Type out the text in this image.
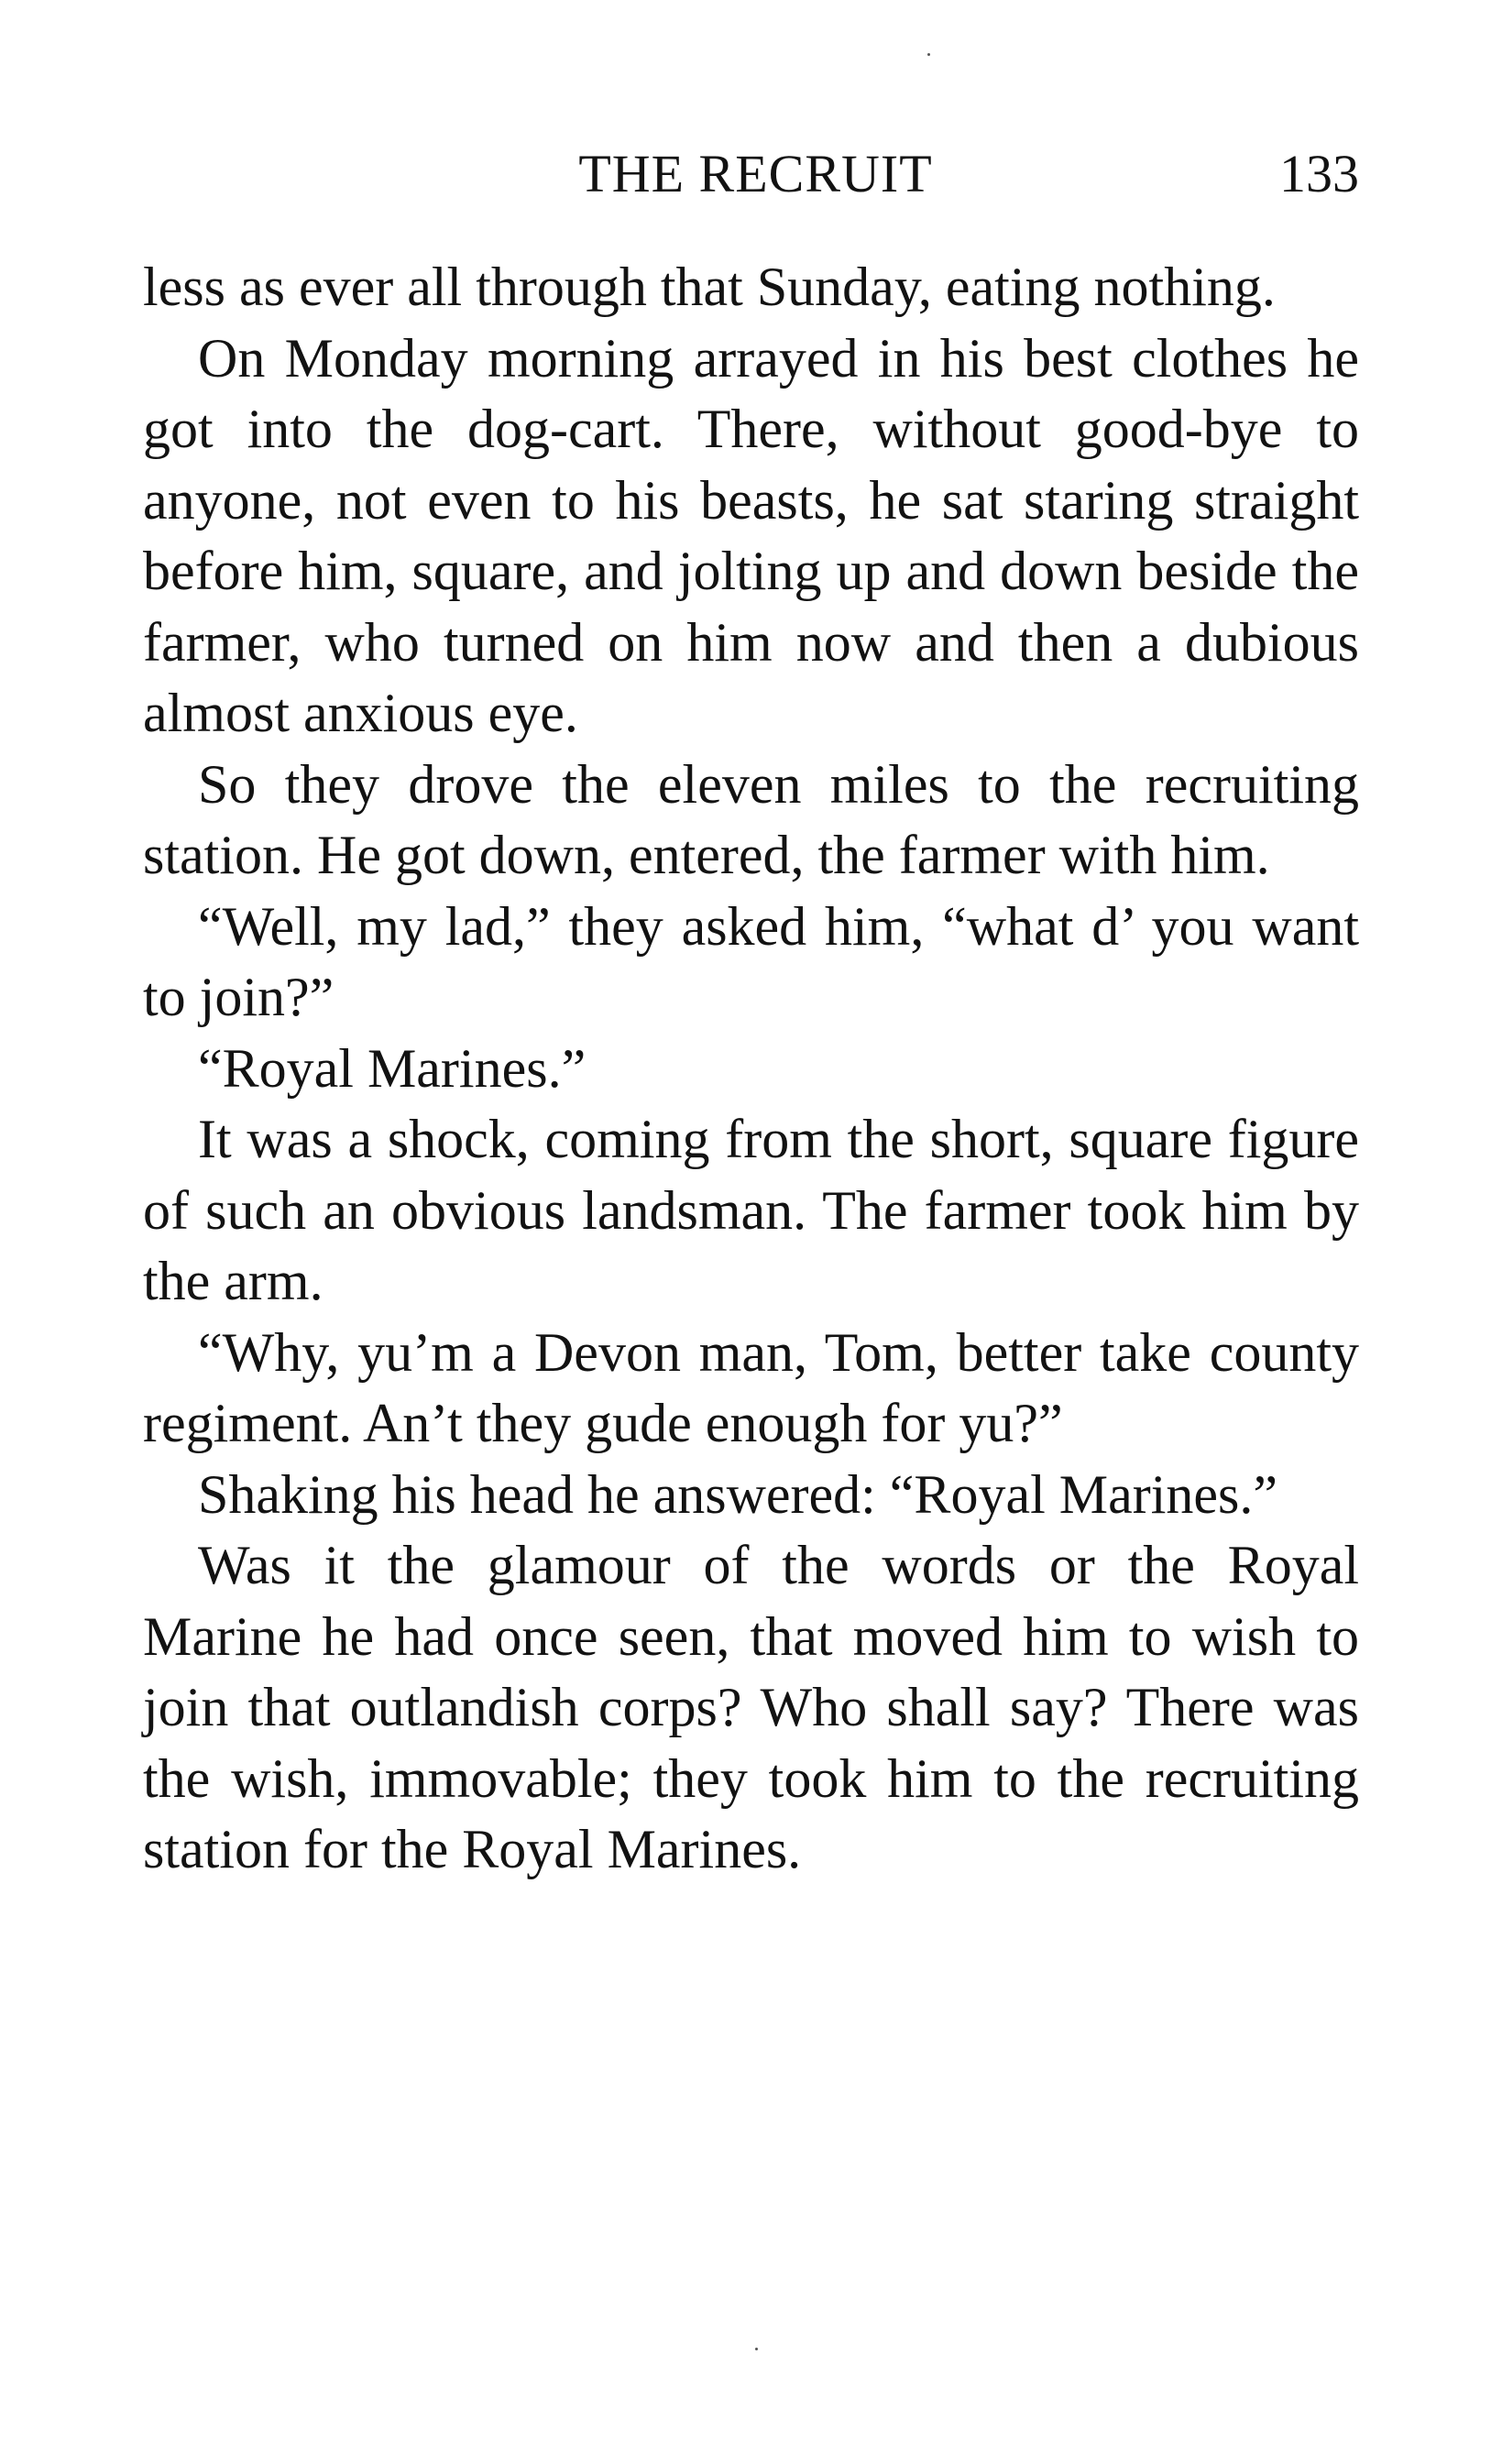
THE RECRUIT	133

less as ever all through that Sunday, eating nothing.

On Monday morning arrayed in his best clothes he got into the dog-cart. There, without good-bye to anyone, not even to his beasts, he sat staring straight before him, square, and jolting up and down beside the farmer, who turned on him now and then a dubious almost anxious eye.

So they drove the eleven miles to the recruiting station. He got down, entered, the farmer with him.

“Well, my lad,” they asked him, “what d’ you want to join?”

“Royal Marines.”

It was a shock, coming from the short, square figure of such an obvious landsman. The farmer took him by the arm.

“Why, yu’m a Devon man, Tom, better take county regiment. An’t they gude enough for yu?”

Shaking his head he answered: “Royal Marines.”

Was it the glamour of the words or the Royal Marine he had once seen, that moved him to wish to join that outlandish corps? Who shall say? There was the wish, immovable; they took him to the recruiting station for the Royal Marines.
